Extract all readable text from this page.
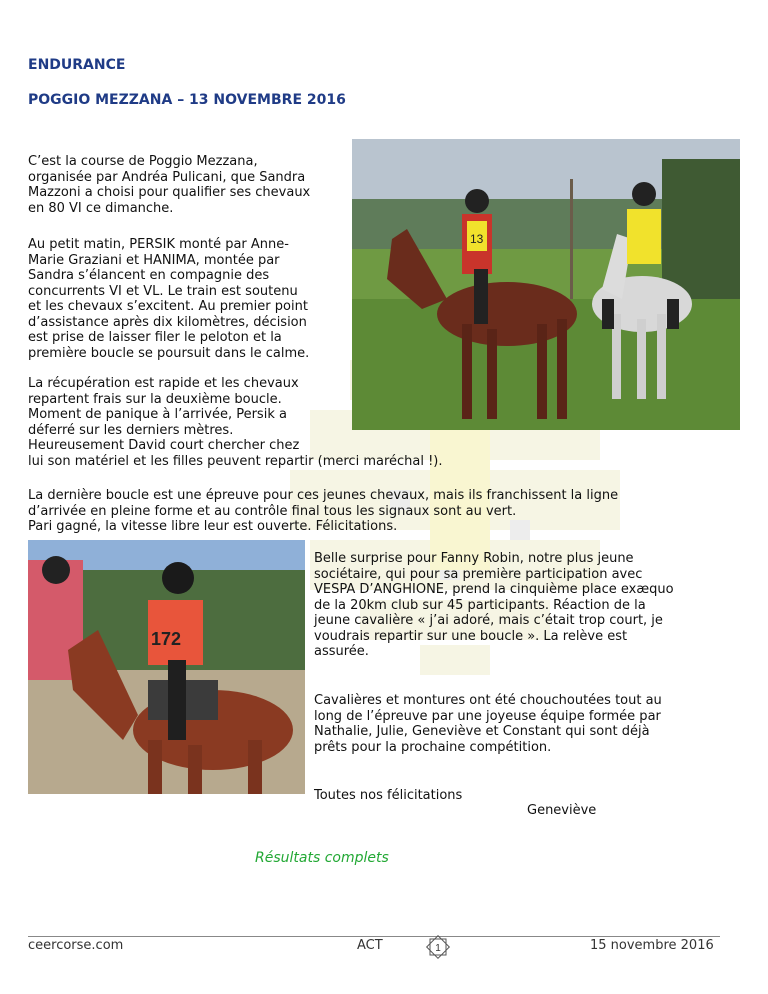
ENDURANCE
POGGIO MEZZANA – 13 NOVEMBRE 2016

C’est la course de Poggio Mezzana,
organisée par Andréa Pulicani, que Sandra
Mazzoni a choisi pour qualifier ses chevaux
en 80 VI ce dimanche.

Au petit matin, PERSIK monté par Anne-
Marie Graziani et HANIMA, montée par
Sandra s’élancent en compagnie des
concurrents VI et VL. Le train est soutenu
et les chevaux s’excitent. Au premier point
d’assistance après dix kilomètres, décision
est prise de laisser filer le peloton et la
première boucle se poursuit dans le calme.

La récupération est rapide et les chevaux
repartent frais sur la deuxième boucle.
Moment de panique à l’arrivée, Persik a
déferré sur les derniers mètres.
Heureusement David court chercher chez
lui son matériel et les filles peuvent repartir (merci maréchal !).

La dernière boucle est une épreuve pour ces jeunes chevaux, mais ils franchissent la ligne
d’arrivée en pleine forme et au contrôle final tous les signaux sont au vert.
Pari gagné, la vitesse libre leur est ouverte. Félicitations.

13
172

Belle surprise pour Fanny Robin, notre plus jeune
sociétaire, qui pour sa première participation avec
VESPA D’ANGHIONE, prend la cinquième place exæquo
de la 20km club sur 45 participants. Réaction de la
jeune cavalière « j’ai adoré, mais c’était trop court, je
voudrais repartir sur une boucle ». La relève est
assurée.

Cavalières et montures ont été chouchoutées tout au
long de l’épreuve par une joyeuse équipe formée par
Nathalie, Julie, Geneviève et Constant qui sont déjà
prêts pour la prochaine compétition.

Toutes nos félicitations

Geneviève
Résultats complets
ceercorse.com	ACT	1	15 novembre 2016
